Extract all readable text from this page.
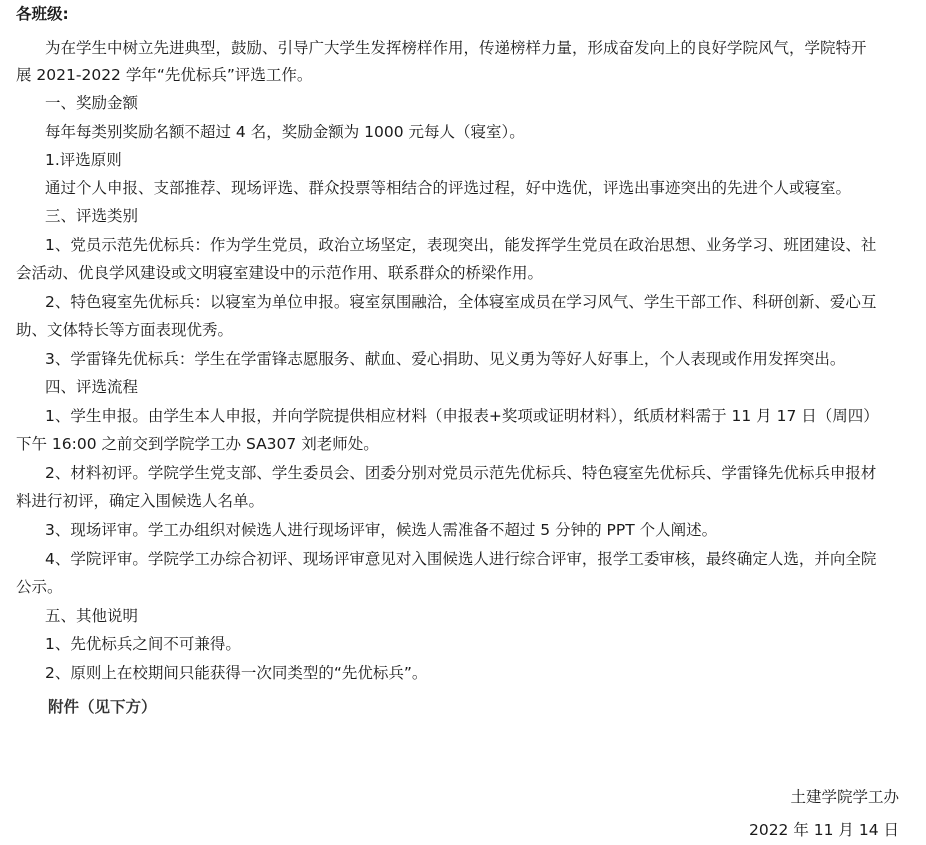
各班级:
为在学生中树立先进典型，鼓励、引导广大学生发挥榜样作用，传递榜样力量，形成奋发向上的良好学院风气，学院特开
展 2021-2022 学年“先优标兵”评选工作。
一、奖励金额
每年每类别奖励名额不超过 4 名，奖励金额为 1000 元每人（寝室）。
1.评选原则
通过个人申报、支部推荐、现场评选、群众投票等相结合的评选过程，好中选优，评选出事迹突出的先进个人或寝室。
三、评选类别
1、党员示范先优标兵：作为学生党员，政治立场坚定，表现突出，能发挥学生党员在政治思想、业务学习、班团建设、社
会活动、优良学风建设或文明寝室建设中的示范作用、联系群众的桥梁作用。
2、特色寝室先优标兵：以寝室为单位申报。寝室氛围融洽，全体寝室成员在学习风气、学生干部工作、科研创新、爱心互
助、文体特长等方面表现优秀。
3、学雷锋先优标兵：学生在学雷锋志愿服务、献血、爱心捐助、见义勇为等好人好事上，个人表现或作用发挥突出。
四、评选流程
1、学生申报。由学生本人申报，并向学院提供相应材料（申报表+奖项或证明材料），纸质材料需于 11 月 17 日（周四）
下午 16:00 之前交到学院学工办 SA307 刘老师处。
2、材料初评。学院学生党支部、学生委员会、团委分别对党员示范先优标兵、特色寝室先优标兵、学雷锋先优标兵申报材
料进行初评，确定入围候选人名单。
3、现场评审。学工办组织对候选人进行现场评审，候选人需准备不超过 5 分钟的 PPT 个人阐述。
4、学院评审。学院学工办综合初评、现场评审意见对入围候选人进行综合评审，报学工委审核，最终确定人选，并向全院
公示。
五、其他说明
1、先优标兵之间不可兼得。
2、原则上在校期间只能获得一次同类型的“先优标兵”。
附件（见下方）
土建学院学工办
2022 年 11 月 14 日
